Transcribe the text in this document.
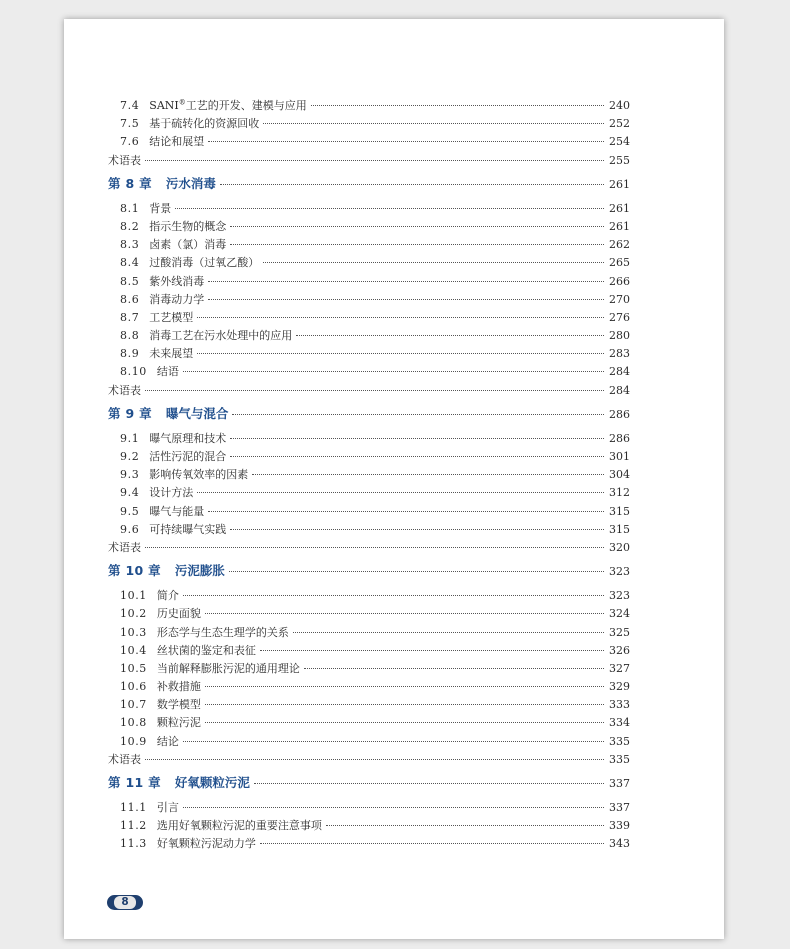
7.4 SANI®工艺的开发、建模与应用	240
7.5 基于硫转化的资源回收	252
7.6 结论和展望	254
术语表	255
第 8 章 污水消毒	261
8.1 背景	261
8.2 指示生物的概念	261
8.3 卤素（氯）消毒	262
8.4 过酸消毒（过氧乙酸）	265
8.5 紫外线消毒	266
8.6 消毒动力学	270
8.7 工艺模型	276
8.8 消毒工艺在污水处理中的应用	280
8.9 未来展望	283
8.10 结语	284
术语表	284
第 9 章 曝气与混合	286
9.1 曝气原理和技术	286
9.2 活性污泥的混合	301
9.3 影响传氧效率的因素	304
9.4 设计方法	312
9.5 曝气与能量	315
9.6 可持续曝气实践	315
术语表	320
第 10 章 污泥膨胀	323
10.1 简介	323
10.2 历史面貌	324
10.3 形态学与生态生理学的关系	325
10.4 丝状菌的鉴定和表征	326
10.5 当前解释膨胀污泥的通用理论	327
10.6 补救措施	329
10.7 数学模型	333
10.8 颗粒污泥	334
10.9 结论	335
术语表	335
第 11 章 好氧颗粒污泥	337
11.1 引言	337
11.2 选用好氧颗粒污泥的重要注意事项	339
11.3 好氧颗粒污泥动力学	343
8
